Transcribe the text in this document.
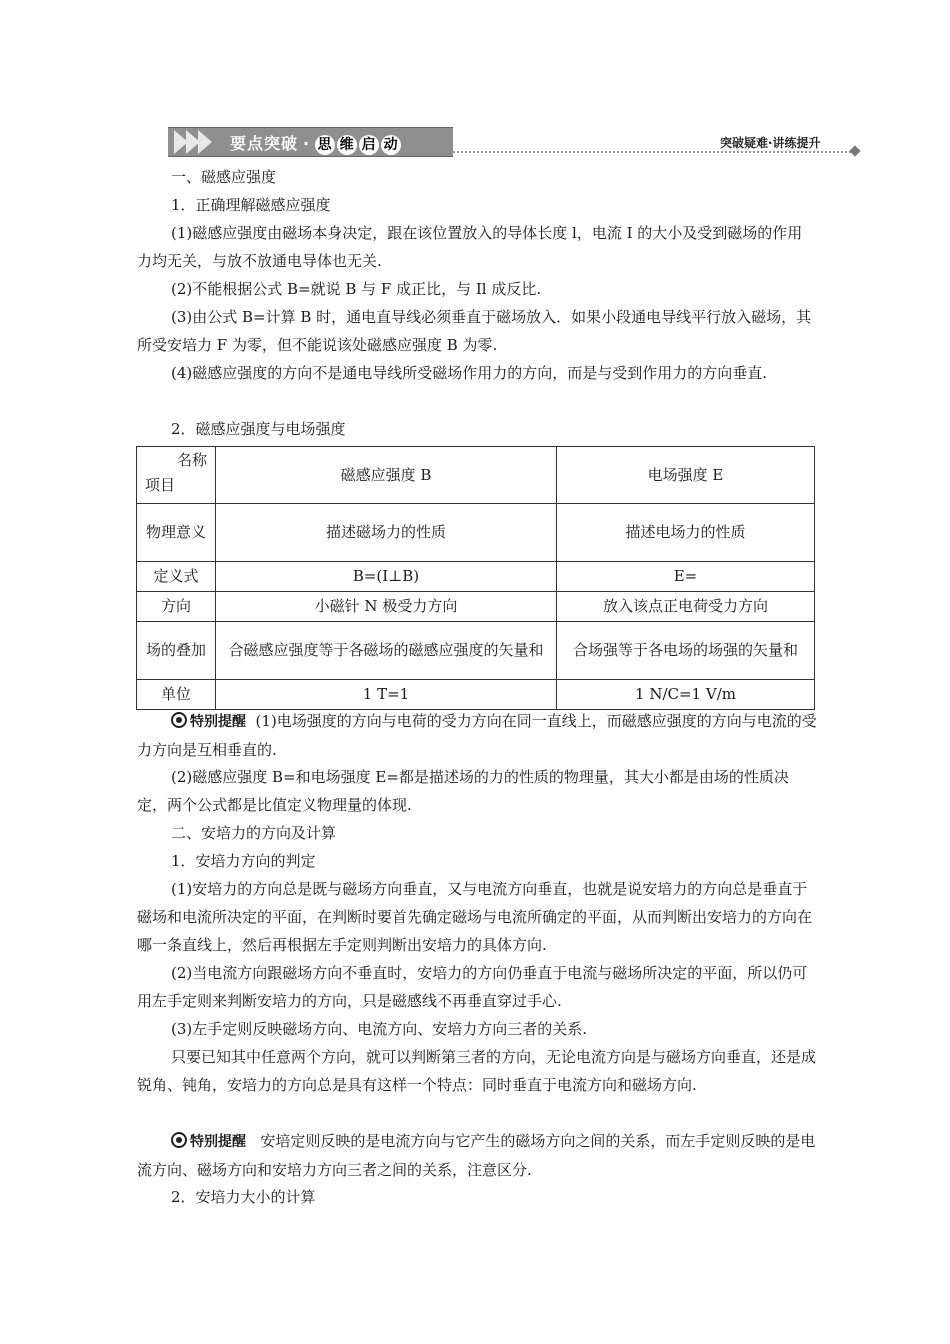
要点突破 · 思 维 启 动	突破疑难·讲练提升

一、磁感应强度

1．正确理解磁感应强度

(1)磁感应强度由磁场本身决定，跟在该位置放入的导体长度 l，电流 I 的大小及受到磁场的作用力均无关，与放不放通电导体也无关.

(2)不能根据公式 B=就说 B 与 F 成正比，与 Il 成反比.

(3)由公式 B=计算 B 时，通电直导线必须垂直于磁场放入．如果小段通电导线平行放入磁场，其所受安培力 F 为零，但不能说该处磁感应强度 B 为零.

(4)磁感应强度的方向不是通电导线所受磁场作用力的方向，而是与受到作用力的方向垂直.

2．磁感应强度与电场强度

名称
项目	磁感应强度 B	电场强度 E
物理意义	描述磁场力的性质	描述电场力的性质
定义式	B=(I⊥B)	E=
方向	小磁针 N 极受力方向	放入该点正电荷受力方向
场的叠加	合磁感应强度等于各磁场的磁感应强度的矢量和	合场强等于各电场的场强的矢量和
单位	1 T=1	1 N/C=1 V/m

特别提醒 (1)电场强度的方向与电荷的受力方向在同一直线上，而磁感应强度的方向与电流的受力方向是互相垂直的.

(2)磁感应强度 B=和电场强度 E=都是描述场的力的性质的物理量，其大小都是由场的性质决定，两个公式都是比值定义物理量的体现.

二、安培力的方向及计算

1．安培力方向的判定

(1)安培力的方向总是既与磁场方向垂直，又与电流方向垂直，也就是说安培力的方向总是垂直于磁场和电流所决定的平面，在判断时要首先确定磁场与电流所确定的平面，从而判断出安培力的方向在哪一条直线上，然后再根据左手定则判断出安培力的具体方向.

(2)当电流方向跟磁场方向不垂直时，安培力的方向仍垂直于电流与磁场所决定的平面，所以仍可用左手定则来判断安培力的方向，只是磁感线不再垂直穿过手心.

(3)左手定则反映磁场方向、电流方向、安培力方向三者的关系.

只要已知其中任意两个方向，就可以判断第三者的方向，无论电流方向是与磁场方向垂直，还是成锐角、钝角，安培力的方向总是具有这样一个特点：同时垂直于电流方向和磁场方向.

特别提醒 安培定则反映的是电流方向与它产生的磁场方向之间的关系，而左手定则反映的是电流方向、磁场方向和安培力方向三者之间的关系，注意区分.

2．安培力大小的计算
